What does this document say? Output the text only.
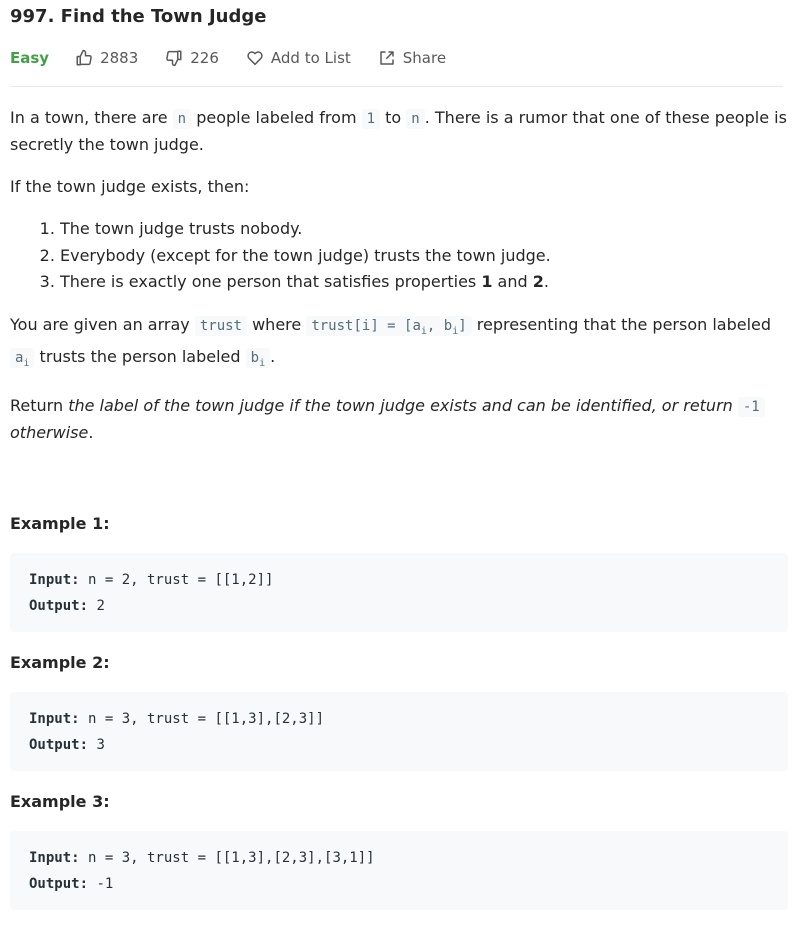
997. Find the Town Judge
Easy	2883	226	Add to List	Share

In a town, there are n people labeled from 1 to n . There is a rumor that one of these people is secretly the town judge.

If the town judge exists, then:

1. The town judge trusts nobody.
2. Everybody (except for the town judge) trusts the town judge.
3. There is exactly one person that satisfies properties 1 and 2.

You are given an array trust where trust[i] = [$a_i$, $b_i$] representing that the person labeled $a_i$ trusts the person labeled $b_i$ .

Return the label of the town judge if the town judge exists and can be identified, or return -1 otherwise.

Example 1:

Input: n = 2, trust = [[1,2]]
Output: 2

Example 2:

Input: n = 3, trust = [[1,3],[2,3]]
Output: 3

Example 3:

Input: n = 3, trust = [[1,3],[2,3],[3,1]]
Output: -1
